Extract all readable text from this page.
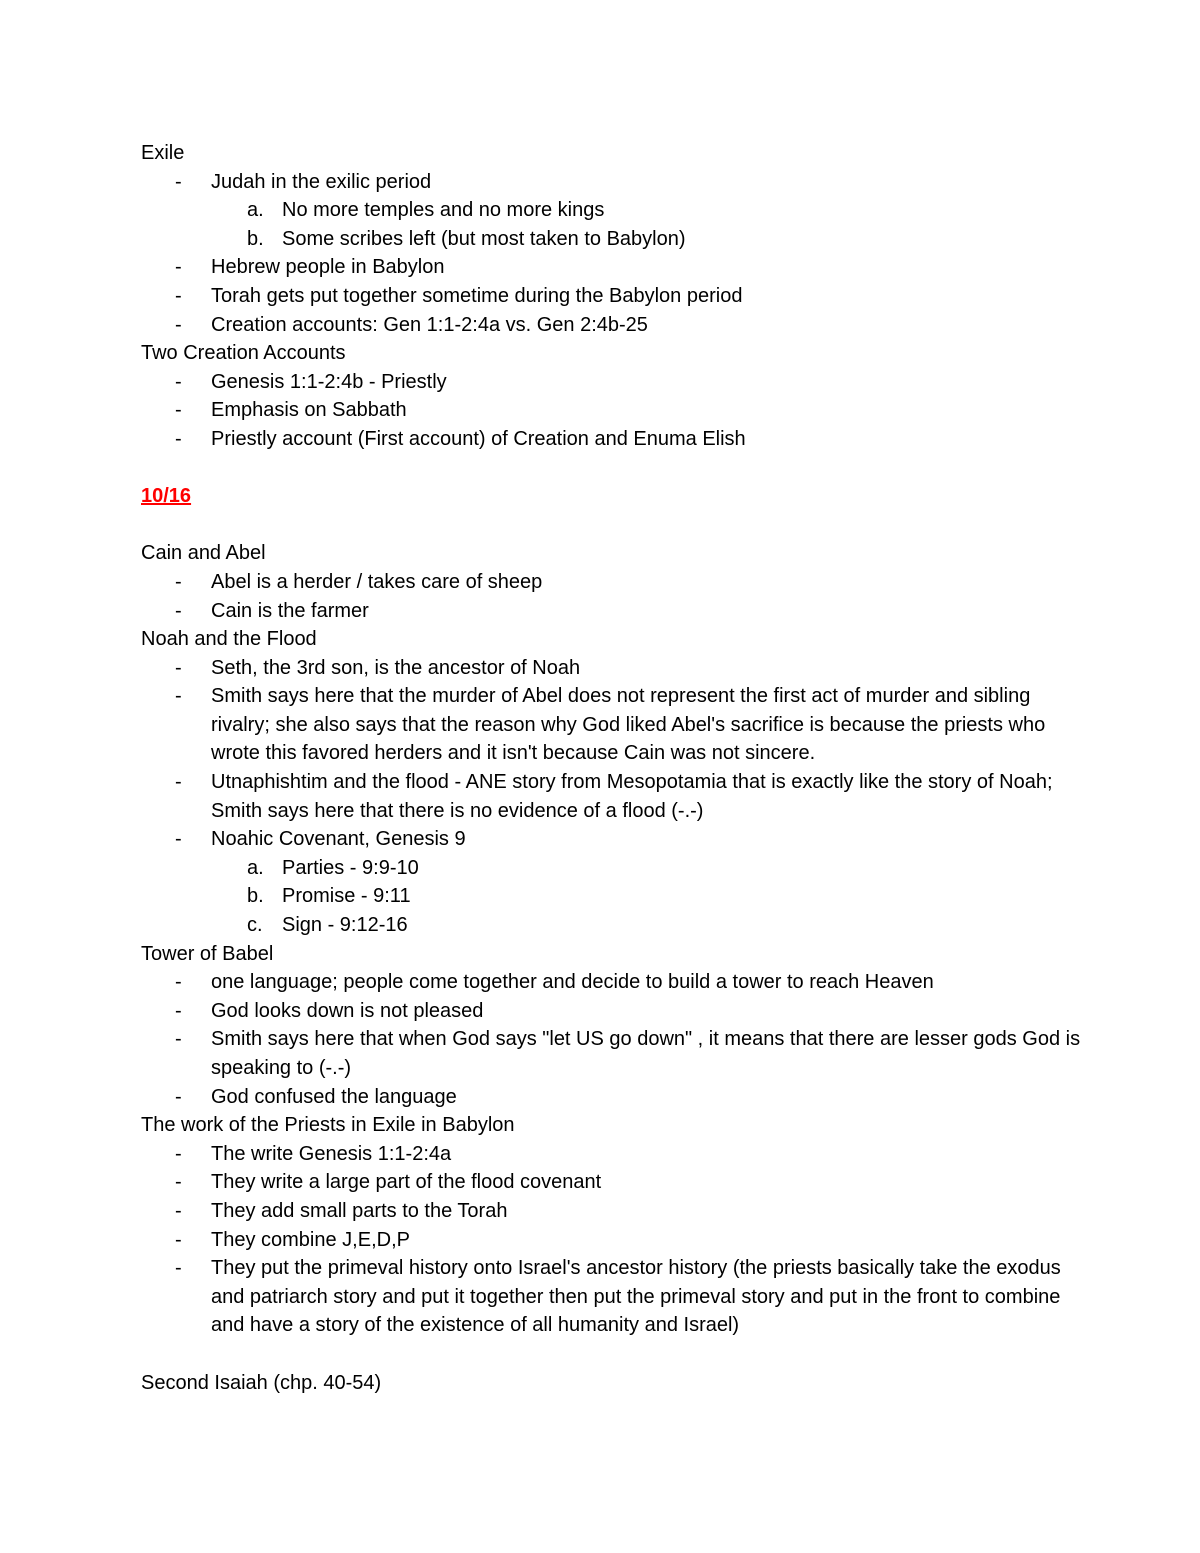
Exile
- Judah in the exilic period
a. No more temples and no more kings
b. Some scribes left (but most taken to Babylon)
- Hebrew people in Babylon
- Torah gets put together sometime during the Babylon period
- Creation accounts: Gen 1:1-2:4a vs. Gen 2:4b-25
Two Creation Accounts
- Genesis 1:1-2:4b - Priestly
- Emphasis on Sabbath
- Priestly account (First account) of Creation and Enuma Elish
10/16
Cain and Abel
- Abel is a herder / takes care of sheep
- Cain is the farmer
Noah and the Flood
- Seth, the 3rd son, is the ancestor of Noah
- Smith says here that the murder of Abel does not represent the first act of murder and sibling rivalry; she also says that the reason why God liked Abel's sacrifice is because the priests who wrote this favored herders and it isn't because Cain was not sincere.
- Utnaphishtim and the flood - ANE story from Mesopotamia that is exactly like the story of Noah; Smith says here that there is no evidence of a flood (-.-)
- Noahic Covenant, Genesis 9
a. Parties - 9:9-10
b. Promise - 9:11
c. Sign - 9:12-16
Tower of Babel
- one language; people come together and decide to build a tower to reach Heaven
- God looks down is not pleased
- Smith says here that when God says "let US go down" , it means that there are lesser gods God is speaking to (-.-)
- God confused the language
The work of the Priests in Exile in Babylon
- The write Genesis 1:1-2:4a
- They write a large part of the flood covenant
- They add small parts to the Torah
- They combine J,E,D,P
- They put the primeval history onto Israel's ancestor history (the priests basically take the exodus and patriarch story and put it together then put the primeval story and put in the front to combine and have a story of the existence of all humanity and Israel)
Second Isaiah (chp. 40-54)
